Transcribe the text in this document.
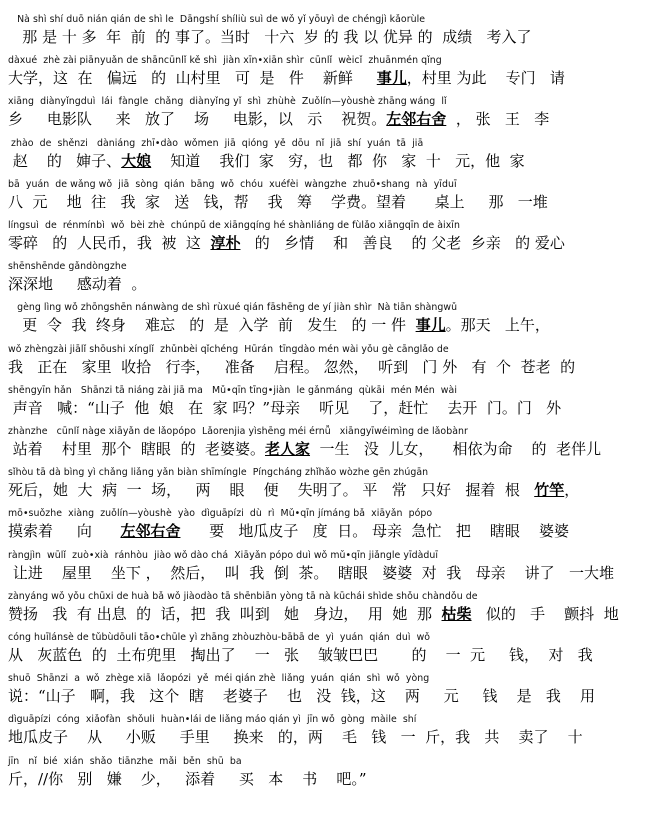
Nà shì shí duō nián qián de shì le  Dāngshí shíliù suì de wǒ yǐ yōuyì de chéngjì kǎorùle
那 是 十 多  年  前  的 事了。当时   十六  岁 的 我 以 优异 的  成绩   考入了
dàxué  zhè zài piānyuǎn de shāncūnlǐ kě shì  jiàn xīn•xiān shìr  cūnlǐ  wèicǐ  zhuānmén qǐng
大学，这  在   偏远   的  山村里   可  是   件    新鲜     事儿，村里 为此    专门   请
xiāng  diànyǐngduì  lái  fàngle  chǎng  diànyǐng yǐ  shì  zhùhè  Zuǒlín—yòushè zhāng wáng  lǐ
乡     电影队     来   放了    场     电影，以   示    祝贺。左邻右舍  ， 张   王   李
zhào  de  shěnzi   dàniáng  zhī•dào  wǒmen  jiā  qióng  yě  dōu  nǐ  jiā  shí  yuán  tā  jiā
赵    的   婶子、大娘    知道    我们  家   穷，也   都  你   家  十   元，他  家
bā  yuán  de wǎng wǒ  jiā  sòng  qián  bāng  wǒ  chóu  xuéfèi  wàngzhe  zhuō•shang  nà  yīduī
八  元    地  往   我  家   送   钱，帮    我   筹    学费。望着      桌上     那   一堆
língsuì  de  rénmínbì  wǒ  bèi zhè  chúnpǔ de xiāngqíng hé shànliáng de fùlǎo xiāngqīn de àixīn
零碎   的  人民币，我  被  这  淳朴   的   乡情    和   善良    的 父老  乡亲   的 爱心
shēnshēnde gǎndòngzhe
深深地     感动着  。
gèng lìng wǒ zhōngshēn nánwàng de shì rùxué qián fāshēng de yí jiàn shìr  Nà tiān shàngwǔ
更  令  我  终身    难忘   的  是  入学  前   发生   的 一 件  事儿。那天   上午，
wǒ zhèngzài jiālǐ shōushi xínglǐ  zhǔnbèi qǐchéng  Hūrán  tīngdào mén wài yǒu gè cānglǎo de
我   正在   家里  收拾   行李，   准备    启程。 忽然，  听到   门 外   有  个  苍老  的
shēngyīn hǎn   Shānzi tā niáng zài jiā ma   Mǔ•qīn tīng•jiàn  le gǎnmáng  qùkāi  mén Mén  wài
声音   喊：“山子  他  娘   在  家 吗？”母亲    听见    了，赶忙    去开  门。门   外
zhànzhe   cūnlǐ nàge xiāyǎn de lǎopópo  Lǎorenjia yìshēng méi érnǚ   xiāngyīwéimìng de lǎobànr
站着    村里  那个  瞎眼  的  老婆婆。老人家  一生   没  儿女，    相依为命    的  老伴儿
sǐhòu tā dà bìng yì chǎng liǎng yǎn biàn shīmíngle  Píngcháng zhǐhǎo wòzhe gēn zhúgān
死后，她  大  病  一  场，   两    眼    便    失明了。 平   常   只好   握着  根   竹竿，
mō•suǒzhe  xiàng  zuǒlín—yòushè  yào  dìguāpízi  dù  rì  Mǔ•qīn jímáng bǎ  xiāyǎn  pópo
摸索着     向      左邻右舍      要   地瓜皮子   度  日。 母亲  急忙   把    瞎眼    婆婆
ràngjìn  wūlǐ  zuò•xià  ránhòu  jiào wǒ dào chá  Xiāyǎn pópo duì wǒ mǔ•qīn jiǎngle yīdàduī
让进    屋里    坐下 ，  然后，  叫  我  倒  茶。  瞎眼   婆婆  对  我   母亲    讲了   一大堆
zànyáng wǒ yǒu chūxi de huà bǎ wǒ jiàodào tā shēnbiān yòng tā nà kūchái shìde shǒu chàndǒu de
赞扬   我  有 出息  的  话，把  我  叫到   她   身边，  用  她  那  枯柴   似的   手    颤抖  地
cóng huīlánsè de tǔbùdōuli tāo•chūle yì zhāng zhòuzhòu-bābā de  yì  yuán  qián  duì  wǒ
从   灰蓝色  的  土布兜里   掏出了    一   张    皱皱巴巴       的    一  元     钱，  对   我
shuō  Shānzi  a  wǒ  zhège xiā  lǎopózi  yě  méi qián zhè  liǎng  yuán  qián  shì  wǒ  yòng
说：“山子   啊，我   这个  瞎    老婆子    也   没  钱，这    两     元     钱    是   我    用
dìguāpízi  cóng  xiǎofàn  shǒuli  huàn•lái de liǎng máo qián yì  jīn wǒ  gòng  màile  shí
地瓜皮子    从     小贩     手里     换来   的，两    毛   钱   一  斤，我   共    卖了    十
jīn   nǐ  bié  xián  shǎo  tiānzhe  mǎi  běn  shū  ba
斤，//你   别   嫌    少，   添着     买   本    书    吧。”
